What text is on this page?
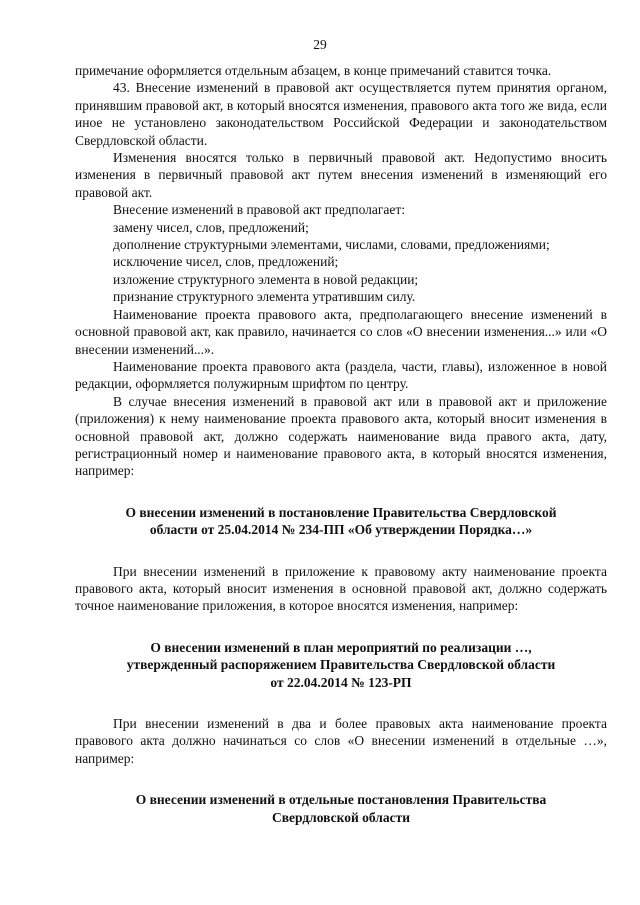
29

примечание оформляется отдельным абзацем, в конце примечаний ставится точка.

43. Внесение изменений в правовой акт осуществляется путем принятия органом, принявшим правовой акт, в который вносятся изменения, правового акта того же вида, если иное не установлено законодательством Российской Федерации и законодательством Свердловской области.

Изменения вносятся только в первичный правовой акт. Недопустимо вносить изменения в первичный правовой акт путем внесения изменений в изменяющий его правовой акт.

Внесение изменений в правовой акт предполагает:

замену чисел, слов, предложений;

дополнение структурными элементами, числами, словами, предложениями;

исключение чисел, слов, предложений;

изложение структурного элемента в новой редакции;

признание структурного элемента утратившим силу.

Наименование проекта правового акта, предполагающего внесение изменений в основной правовой акт, как правило, начинается со слов «О внесении изменения...» или «О внесении изменений...».

Наименование проекта правового акта (раздела, части, главы), изложенное в новой редакции, оформляется полужирным шрифтом по центру.

В случае внесения изменений в правовой акт или в правовой акт и приложение (приложения) к нему наименование проекта правового акта, который вносит изменения в основной правовой акт, должно содержать наименование вида правого акта, дату, регистрационный номер и наименование правового акта, в который вносятся изменения, например:

О внесении изменений в постановление Правительства Свердловской
области от 25.04.2014 № 234-ПП «Об утверждении Порядка…»

При внесении изменений в приложение к правовому акту наименование проекта правового акта, который вносит изменения в основной правовой акт, должно содержать точное наименование приложения, в которое вносятся изменения, например:

О внесении изменений в план мероприятий по реализации …,
утвержденный распоряжением Правительства Свердловской области
от 22.04.2014 № 123-РП

При внесении изменений в два и более правовых акта наименование проекта правового акта должно начинаться со слов «О внесении изменений в отдельные …», например:

О внесении изменений в отдельные постановления Правительства
Свердловской области
